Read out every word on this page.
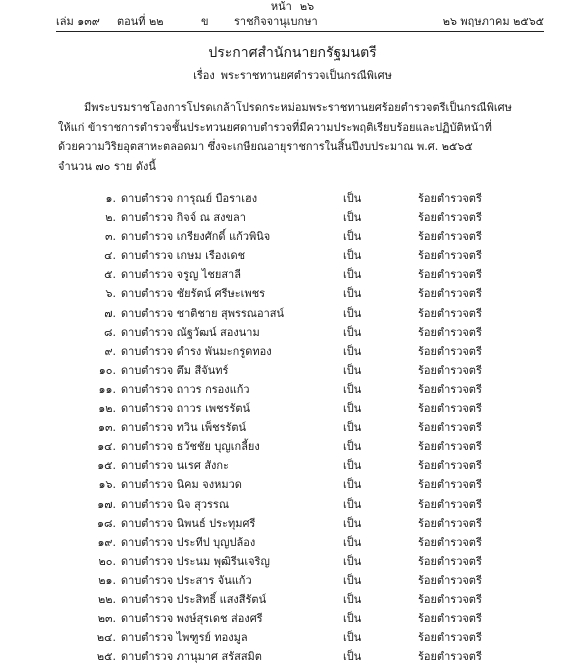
หน้า ๒๖
เล่ม ๑๓๙ ตอนที่ ๒๒	ข ราชกิจจานุเบกษา	๒๖ พฤษภาคม ๒๕๖๕
ประกาศสำนักนายกรัฐมนตรี
เรื่อง พระราชทานยศตำรวจเป็นกรณีพิเศษ
มีพระบรมราชโองการโปรดเกล้าโปรดกระหม่อมพระราชทานยศร้อยตำรวจตรีเป็นกรณีพิเศษ
ให้แก่ ข้าราชการตำรวจชั้นประทวนยศดาบตำรวจที่มีความประพฤติเรียบร้อยและปฏิบัติหน้าที่
ด้วยความวิริยอุตสาหะตลอดมา ซึ่งจะเกษียณอายุราชการในสิ้นปีงบประมาณ พ.ศ. ๒๕๖๕
จำนวน ๗๐ ราย ดังนี้
๑. ดาบตำรวจ การุณย์ บือราเฮง	เป็น	ร้อยตำรวจตรี
๒. ดาบตำรวจ กิจจ์ ณ สงขลา	เป็น	ร้อยตำรวจตรี
๓. ดาบตำรวจ เกรียงศักดิ์ แก้วพินิจ	เป็น	ร้อยตำรวจตรี
๔. ดาบตำรวจ เกษม เรืองเดช	เป็น	ร้อยตำรวจตรี
๕. ดาบตำรวจ จรูญ ไชยสาลี	เป็น	ร้อยตำรวจตรี
๖. ดาบตำรวจ ชัยรัตน์ ศรีษะเพชร	เป็น	ร้อยตำรวจตรี
๗. ดาบตำรวจ ชาติชาย สุพรรณอาสน์	เป็น	ร้อยตำรวจตรี
๘. ดาบตำรวจ ณัฐวัฒน์ สองนาม	เป็น	ร้อยตำรวจตรี
๙. ดาบตำรวจ ดำรง พันมะกรูดทอง	เป็น	ร้อยตำรวจตรี
๑๐. ดาบตำรวจ ตึม สีจันทร์	เป็น	ร้อยตำรวจตรี
๑๑. ดาบตำรวจ ถาวร กรองแก้ว	เป็น	ร้อยตำรวจตรี
๑๒. ดาบตำรวจ ถาวร เพชรรัตน์	เป็น	ร้อยตำรวจตรี
๑๓. ดาบตำรวจ ทวิน เพ็ชรรัตน์	เป็น	ร้อยตำรวจตรี
๑๔. ดาบตำรวจ ธวัชชัย บุญเกลี้ยง	เป็น	ร้อยตำรวจตรี
๑๕. ดาบตำรวจ นเรศ สังกะ	เป็น	ร้อยตำรวจตรี
๑๖. ดาบตำรวจ นิคม จงหมวด	เป็น	ร้อยตำรวจตรี
๑๗. ดาบตำรวจ นิจ สุวรรณ	เป็น	ร้อยตำรวจตรี
๑๘. ดาบตำรวจ นิพนธ์ ประทุมศรี	เป็น	ร้อยตำรวจตรี
๑๙. ดาบตำรวจ ประทีป บุญปล้อง	เป็น	ร้อยตำรวจตรี
๒๐. ดาบตำรวจ ประนม พุฒิรีนเจริญ	เป็น	ร้อยตำรวจตรี
๒๑. ดาบตำรวจ ประสาร จันแก้ว	เป็น	ร้อยตำรวจตรี
๒๒. ดาบตำรวจ ประสิทธิ์ แสงสีรัตน์	เป็น	ร้อยตำรวจตรี
๒๓. ดาบตำรวจ พงษ์สุรเดช ส่องศรี	เป็น	ร้อยตำรวจตรี
๒๔. ดาบตำรวจ ไพฑูรย์ ทองมูล	เป็น	ร้อยตำรวจตรี
๒๕. ดาบตำรวจ ภานุมาศ สรัสสมิต	เป็น	ร้อยตำรวจตรี
